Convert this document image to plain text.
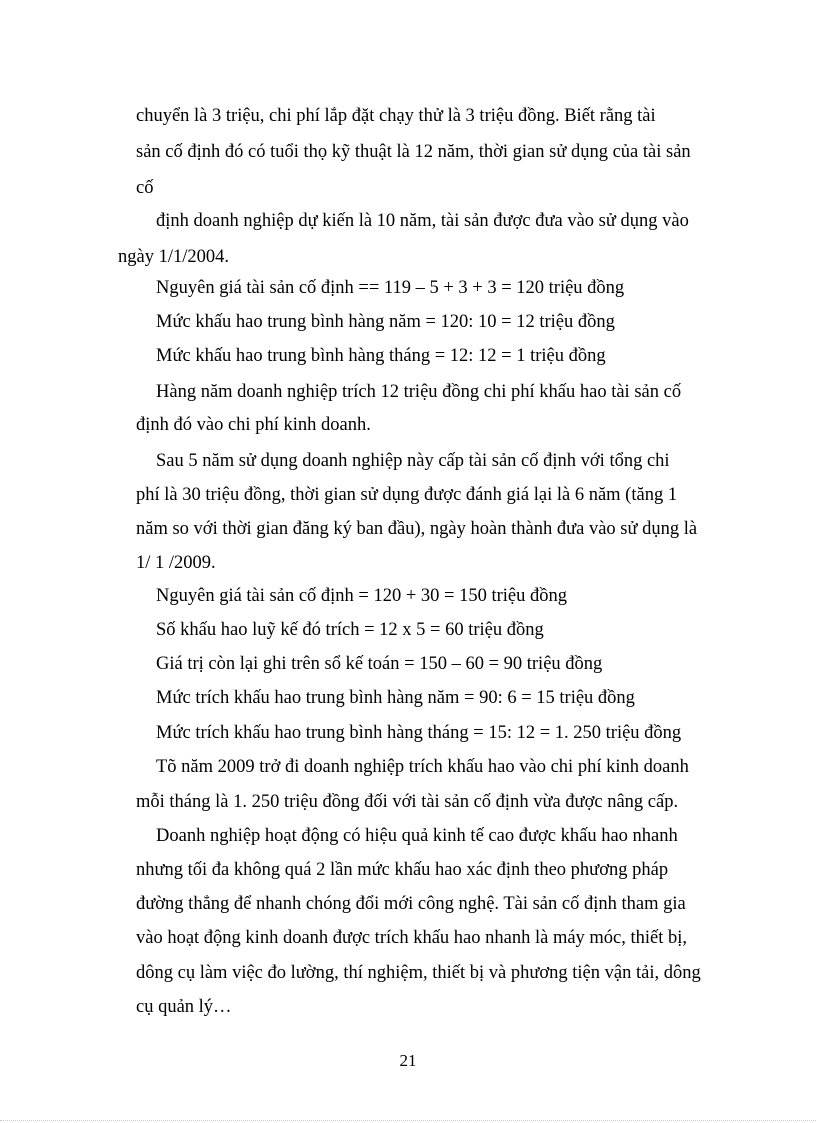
chuyển là 3 triệu, chi phí lắp đặt chạy thử là 3 triệu đồng. Biết rằng tài
sản cố định đó có tuổi thọ kỹ thuật là 12 năm, thời gian sử dụng của tài sản
cố
định doanh nghiệp dự kiến là 10 năm, tài sản được đưa vào sử dụng vào
ngày 1/1/2004.
Nguyên giá tài sản cố định == 119 – 5 + 3 + 3 = 120 triệu đồng
Mức khấu hao trung bình hàng năm = 120: 10 = 12 triệu đồng
Mức khấu hao trung bình hàng tháng = 12: 12 = 1 triệu đồng
Hàng năm doanh nghiệp trích 12 triệu đồng chi phí khấu hao tài sản cố
định đó vào chi phí kinh doanh.
Sau 5 năm sử dụng doanh nghiệp này cấp tài sản cố định với tổng chi
phí là 30 triệu đồng, thời gian sử dụng được đánh giá lại là 6 năm (tăng 1
năm so với thời gian đăng ký ban đầu), ngày hoàn thành đưa vào sử dụng là
1/ 1 /2009.
Nguyên giá tài sản cố định = 120 + 30 = 150 triệu đồng
Số khấu hao luỹ kế đó trích = 12 x 5 = 60 triệu đồng
Giá trị còn lại ghi trên sổ kế toán = 150 – 60 = 90 triệu đồng
Mức trích khấu hao trung bình hàng năm = 90: 6 = 15 triệu đồng
Mức trích khấu hao trung bình hàng tháng = 15: 12 = 1. 250 triệu đồng
Tõ năm 2009 trở đi doanh nghiệp trích khấu hao vào chi phí kinh doanh
mỗi tháng là 1. 250 triệu đồng đối với tài sản cố định vừa được nâng cấp.
Doanh nghiệp hoạt động có hiệu quả kinh tế cao được khấu hao nhanh
nhưng tối đa không quá 2 lần mức khấu hao xác định theo phương pháp
đường thẳng để nhanh chóng đổi mới công nghệ. Tài sản cố định tham gia
vào hoạt động kinh doanh được trích khấu hao nhanh là máy móc, thiết bị,
dông cụ làm việc đo lường, thí nghiệm, thiết bị và phương tiện vận tải, dông
cụ quản lý…
21
